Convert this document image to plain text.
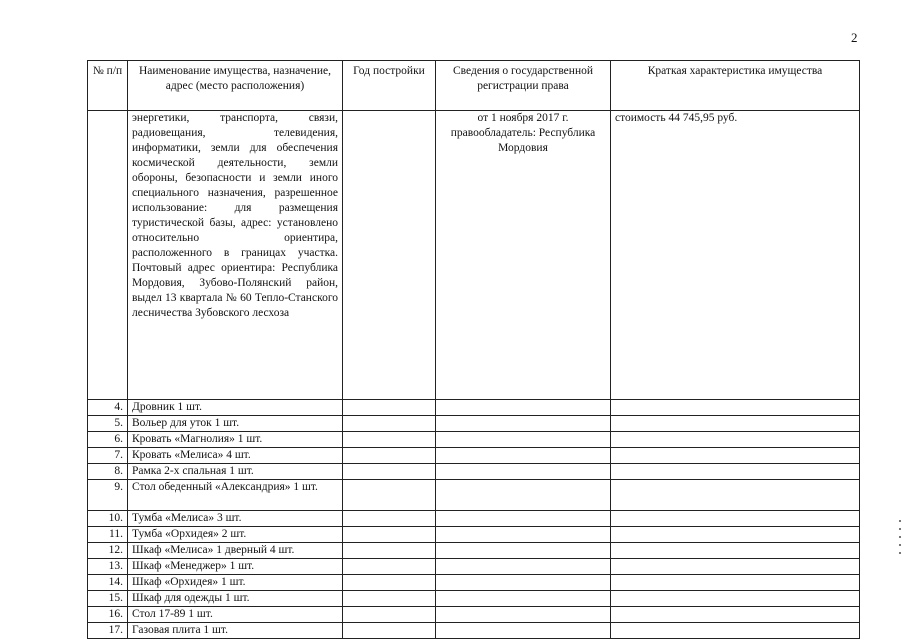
2
№ п/п	Наименование имущества, назначение, адрес (место расположения)	Год постройки	Сведения о государственной регистрации права	Краткая характеристика имущества
	энергетики, транспорта, связи, радиовещания, телевидения, информатики, земли для обеспечения космической деятельности, земли обороны, безопасности и земли иного специального назначения, разрешенное использование: для размещения туристической базы, адрес: установлено относительно ориентира, расположенного в границах участка. Почтовый адрес ориентира: Республика Мордовия, Зубово-Полянский район, выдел 13 квартала № 60 Тепло-Станского лесничества Зубовского лесхоза		от 1 ноября 2017 г. правообладатель: Республика Мордовия	стоимость 44 745,95 руб.
4.	Дровник 1 шт.			
5.	Вольер для уток 1 шт.			
6.	Кровать «Магнолия» 1 шт.			
7.	Кровать «Мелиса» 4 шт.			
8.	Рамка 2-х спальная 1 шт.			
9.	Стол обеденный «Александрия» 1 шт.			
10.	Тумба «Мелиса» 3 шт.			
11.	Тумба «Орхидея» 2 шт.			
12.	Шкаф «Мелиса» 1 дверный 4 шт.			
13.	Шкаф «Менеджер» 1 шт.			
14.	Шкаф «Орхидея» 1 шт.			
15.	Шкаф для одежды 1 шт.			
16.	Стол 17-89 1 шт.			
17.	Газовая плита 1 шт.			
